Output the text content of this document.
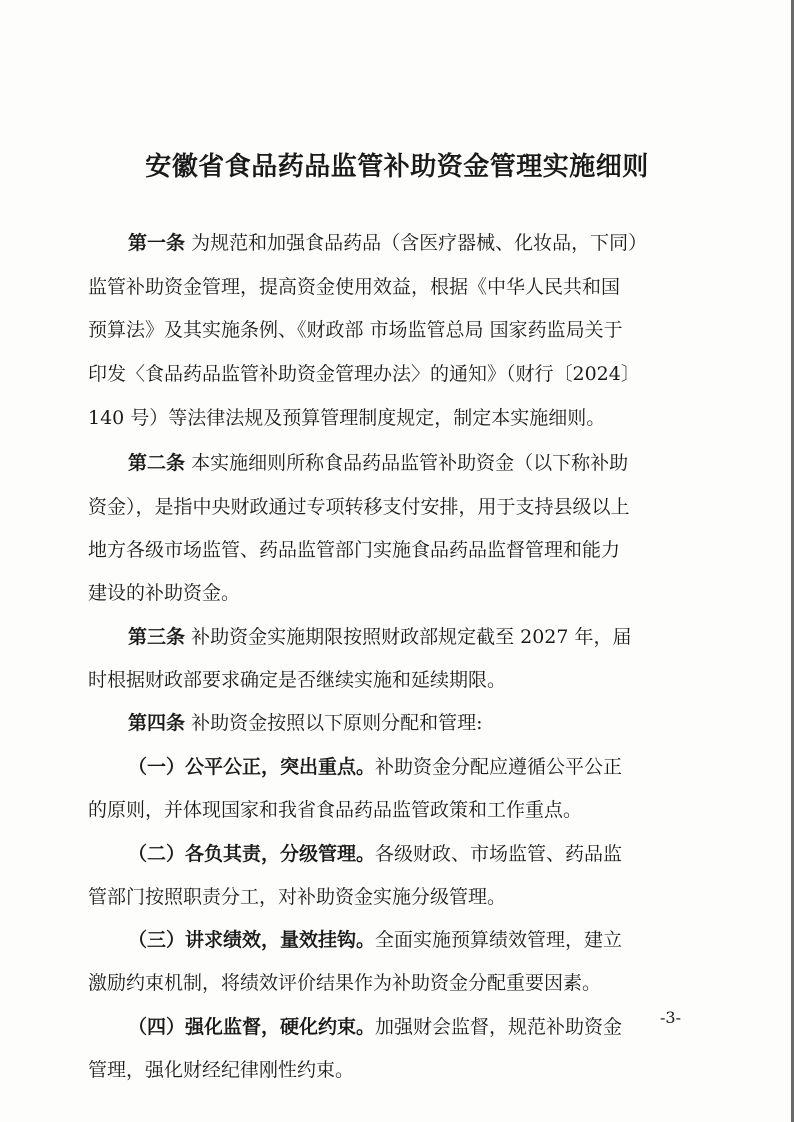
安徽省食品药品监管补助资金管理实施细则
第一条 为规范和加强食品药品（含医疗器械、化妆品，下同）
监管补助资金管理，提高资金使用效益，根据《中华人民共和国
预算法》及其实施条例、《财政部 市场监管总局 国家药监局关于
印发〈食品药品监管补助资金管理办法〉的通知》（财行〔2024〕
140 号）等法律法规及预算管理制度规定，制定本实施细则。
第二条 本实施细则所称食品药品监管补助资金（以下称补助
资金），是指中央财政通过专项转移支付安排，用于支持县级以上
地方各级市场监管、药品监管部门实施食品药品监督管理和能力
建设的补助资金。
第三条 补助资金实施期限按照财政部规定截至 2027 年，届
时根据财政部要求确定是否继续实施和延续期限。
第四条 补助资金按照以下原则分配和管理:
（一）公平公正，突出重点。补助资金分配应遵循公平公正
的原则，并体现国家和我省食品药品监管政策和工作重点。
（二）各负其责，分级管理。各级财政、市场监管、药品监
管部门按照职责分工，对补助资金实施分级管理。
（三）讲求绩效，量效挂钩。全面实施预算绩效管理，建立
激励约束机制，将绩效评价结果作为补助资金分配重要因素。
（四）强化监督，硬化约束。加强财会监督，规范补助资金
管理，强化财经纪律刚性约束。
-3-
